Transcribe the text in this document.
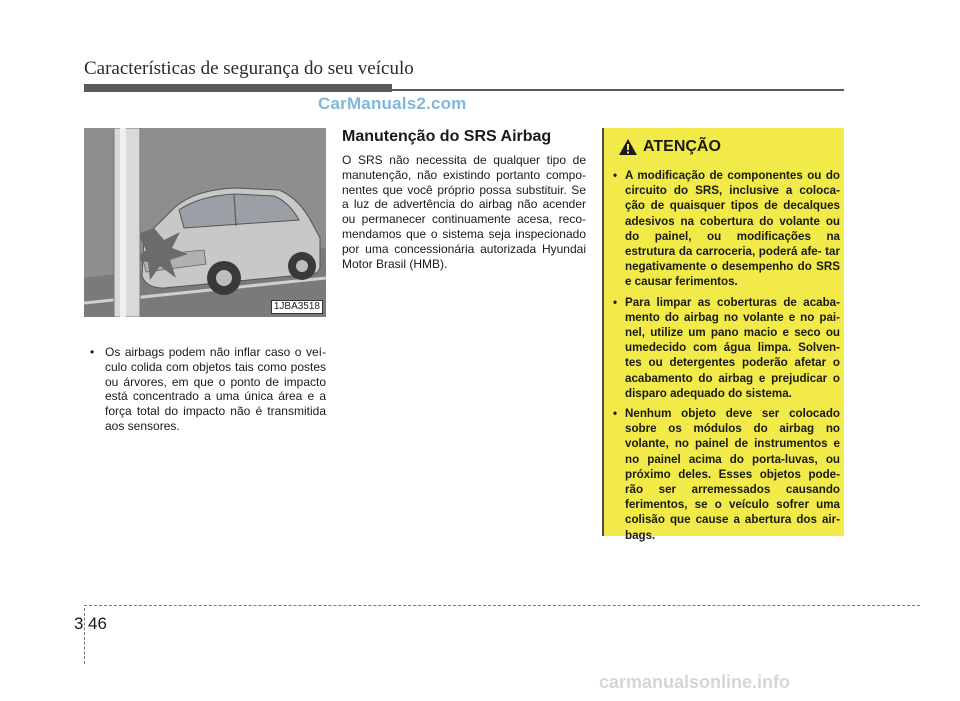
Características de segurança do seu veículo
CarManuals2.com
1JBA3518
• Os airbags podem não inflar caso o veí- culo colida com objetos tais como postes ou árvores, em que o ponto de impacto está concentrado a uma única área e a força total do impacto não é transmitida aos sensores.
Manutenção do SRS Airbag
O SRS não necessita de qualquer tipo de manutenção, não existindo portanto compo- nentes que você próprio possa substituir. Se a luz de advertência do airbag não acender ou permanecer continuamente acesa, reco- mendamos que o sistema seja inspecionado por uma concessionária autorizada Hyundai Motor Brasil (HMB).
ATENÇÃO
• A modificação de componentes ou do circuito do SRS, inclusive a coloca- ção de quaisquer tipos de decalques adesivos na cobertura do volante ou do painel, ou modificações na estrutura da carroceria, poderá afe- tar negativamente o desempenho do SRS e causar ferimentos.
• Para limpar as coberturas de acaba- mento do airbag no volante e no pai- nel, utilize um pano macio e seco ou umedecido com água limpa. Solven- tes ou detergentes poderão afetar o acabamento do airbag e prejudicar o disparo adequado do sistema.
• Nenhum objeto deve ser colocado sobre os módulos do airbag no volante, no painel de instrumentos e no painel acima do porta-luvas, ou próximo deles. Esses objetos pode- rão ser arremessados causando ferimentos, se o veículo sofrer uma colisão que cause a abertura dos air- bags.
3 46
carmanualsonline.info
